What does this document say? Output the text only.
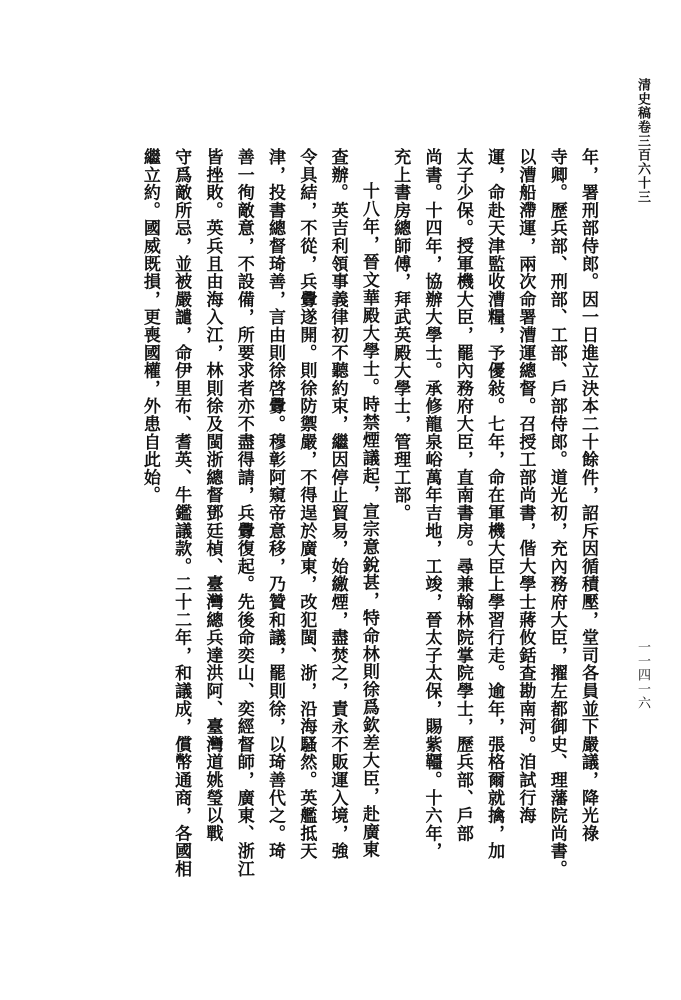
清史稿卷三百六十三
一一四一六
年，署刑部侍郎。因一日進立決本二十餘件，詔斥因循積壓，堂司各員並下嚴議，降光祿
寺卿。歷兵部、刑部、工部、戶部侍郎。道光初，充內務府大臣，擢左都御史、理藩院尚書。
以漕船滯運，兩次命署漕運總督。召授工部尚書，偕大學士蔣攸銛查勘南河。洎試行海
運，命赴天津監收漕糧，予優敍。七年，命在軍機大臣上學習行走。逾年，張格爾就擒，加
太子少保。授軍機大臣，罷內務府大臣，直南書房。尋兼翰林院掌院學士，歷兵部、戶部
尚書。十四年，協辦大學士。承修龍泉峪萬年吉地，工竣，晉太子太保，賜紫韁。十六年，
充上書房總師傅，拜武英殿大學士，管理工部。
十八年，晉文華殿大學士。時禁煙議起，宣宗意銳甚，特命林則徐爲欽差大臣，赴廣東
查辦。英吉利領事義律初不聽約束，繼因停止貿易，始繳煙，盡焚之，責永不販運入境，強
令具結，不從，兵釁遂開。則徐防禦嚴，不得逞於廣東，改犯閩、浙，沿海騷然。英艦抵天
津，投書總督琦善，言由則徐啓釁。穆彰阿窺帝意移，乃贊和議，罷則徐，以琦善代之。琦
善一徇敵意，不設備，所要求者亦不盡得請，兵釁復起。先後命奕山、奕經督師，廣東、浙江
皆挫敗。英兵且由海入江，林則徐及閩浙總督鄧廷楨、臺灣總兵達洪阿、臺灣道姚瑩以戰
守爲敵所忌，並被嚴譴，命伊里布、耆英、牛鑑議款。二十二年，和議成，償幣通商，各國相
繼立約。國威既損，更喪國權，外患自此始。
